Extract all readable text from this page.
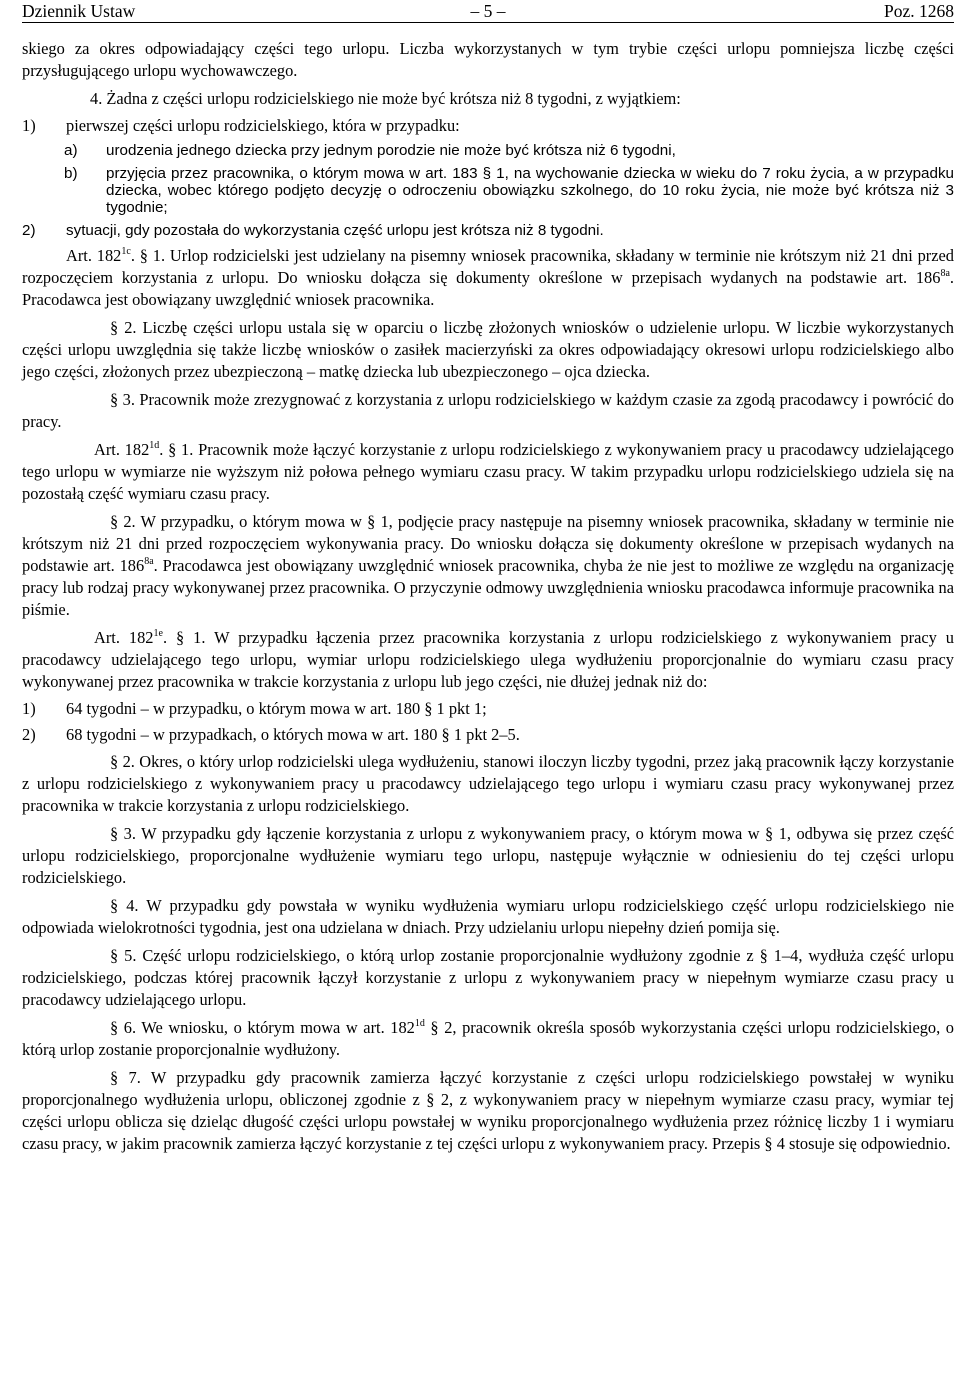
Dziennik Ustaw	– 5 –	Poz. 1268

skiego za okres odpowiadający części tego urlopu. Liczba wykorzystanych w tym trybie części urlopu pomniejsza liczbę części przysługującego urlopu wychowawczego.

4. Żadna z części urlopu rodzicielskiego nie może być krótsza niż 8 tygodni, z wyjątkiem:

1)	pierwszej części urlopu rodzicielskiego, która w przypadku:
a)	urodzenia jednego dziecka przy jednym porodzie nie może być krótsza niż 6 tygodni,
b)	przyjęcia przez pracownika, o którym mowa w art. 183 § 1, na wychowanie dziecka w wieku do 7 roku życia, a w przypadku dziecka, wobec którego podjęto decyzję o odroczeniu obowiązku szkolnego, do 10 roku życia, nie może być krótsza niż 3 tygodnie;
2)	sytuacji, gdy pozostała do wykorzystania część urlopu jest krótsza niż 8 tygodni.

Art. $182^{1c}$. § 1. Urlop rodzicielski jest udzielany na pisemny wniosek pracownika, składany w terminie nie krótszym niż 21 dni przed rozpoczęciem korzystania z urlopu. Do wniosku dołącza się dokumenty określone w przepisach wydanych na podstawie art. $186^{8a}$. Pracodawca jest obowiązany uwzględnić wniosek pracownika.

§ 2. Liczbę części urlopu ustala się w oparciu o liczbę złożonych wniosków o udzielenie urlopu. W liczbie wykorzystanych części urlopu uwzględnia się także liczbę wniosków o zasiłek macierzyński za okres odpowiadający okresowi urlopu rodzicielskiego albo jego części, złożonych przez ubezpieczoną – matkę dziecka lub ubezpieczonego – ojca dziecka.

§ 3. Pracownik może zrezygnować z korzystania z urlopu rodzicielskiego w każdym czasie za zgodą pracodawcy i powrócić do pracy.

Art. $182^{1d}$. § 1. Pracownik może łączyć korzystanie z urlopu rodzicielskiego z wykonywaniem pracy u pracodawcy udzielającego tego urlopu w wymiarze nie wyższym niż połowa pełnego wymiaru czasu pracy. W takim przypadku urlopu rodzicielskiego udziela się na pozostałą część wymiaru czasu pracy.

§ 2. W przypadku, o którym mowa w § 1, podjęcie pracy następuje na pisemny wniosek pracownika, składany w terminie nie krótszym niż 21 dni przed rozpoczęciem wykonywania pracy. Do wniosku dołącza się dokumenty określone w przepisach wydanych na podstawie art. $186^{8a}$. Pracodawca jest obowiązany uwzględnić wniosek pracownika, chyba że nie jest to możliwe ze względu na organizację pracy lub rodzaj pracy wykonywanej przez pracownika. O przyczynie odmowy uwzględnienia wniosku pracodawca informuje pracownika na piśmie.

Art. $182^{1e}$. § 1. W przypadku łączenia przez pracownika korzystania z urlopu rodzicielskiego z wykonywaniem pracy u pracodawcy udzielającego tego urlopu, wymiar urlopu rodzicielskiego ulega wydłużeniu proporcjonalnie do wymiaru czasu pracy wykonywanej przez pracownika w trakcie korzystania z urlopu lub jego części, nie dłużej jednak niż do:

1)	64 tygodni – w przypadku, o którym mowa w art. 180 § 1 pkt 1;
2)	68 tygodni – w przypadkach, o których mowa w art. 180 § 1 pkt 2–5.

§ 2. Okres, o który urlop rodzicielski ulega wydłużeniu, stanowi iloczyn liczby tygodni, przez jaką pracownik łączy korzystanie z urlopu rodzicielskiego z wykonywaniem pracy u pracodawcy udzielającego tego urlopu i wymiaru czasu pracy wykonywanej przez pracownika w trakcie korzystania z urlopu rodzicielskiego.

§ 3. W przypadku gdy łączenie korzystania z urlopu z wykonywaniem pracy, o którym mowa w § 1, odbywa się przez część urlopu rodzicielskiego, proporcjonalne wydłużenie wymiaru tego urlopu, następuje wyłącznie w odniesieniu do tej części urlopu rodzicielskiego.

§ 4. W przypadku gdy powstała w wyniku wydłużenia wymiaru urlopu rodzicielskiego część urlopu rodzicielskiego nie odpowiada wielokrotności tygodnia, jest ona udzielana w dniach. Przy udzielaniu urlopu niepełny dzień pomija się.

§ 5. Część urlopu rodzicielskiego, o którą urlop zostanie proporcjonalnie wydłużony zgodnie z § 1–4, wydłuża część urlopu rodzicielskiego, podczas której pracownik łączył korzystanie z urlopu z wykonywaniem pracy w niepełnym wymiarze czasu pracy u pracodawcy udzielającego urlopu.

§ 6. We wniosku, o którym mowa w art. $182^{1d}$ § 2, pracownik określa sposób wykorzystania części urlopu rodzicielskiego, o którą urlop zostanie proporcjonalnie wydłużony.

§ 7. W przypadku gdy pracownik zamierza łączyć korzystanie z części urlopu rodzicielskiego powstałej w wyniku proporcjonalnego wydłużenia urlopu, obliczonej zgodnie z § 2, z wykonywaniem pracy w niepełnym wymiarze czasu pracy, wymiar tej części urlopu oblicza się dzieląc długość części urlopu powstałej w wyniku proporcjonalnego wydłużenia przez różnicę liczby 1 i wymiaru czasu pracy, w jakim pracownik zamierza łączyć korzystanie z tej części urlopu z wykonywaniem pracy. Przepis § 4 stosuje się odpowiednio.
